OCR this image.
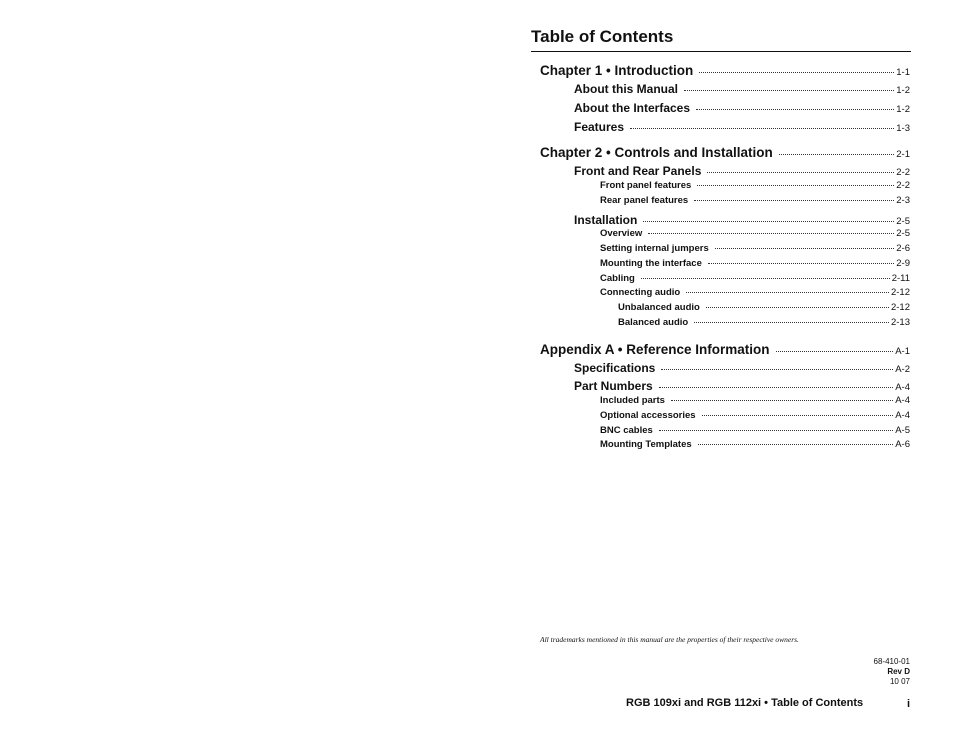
Table of Contents
Chapter 1 • Introduction	1-1
About this Manual	1-2
About the Interfaces	1-2
Features	1-3
Chapter 2 • Controls and Installation	2-1
Front and Rear Panels	2-2
Front panel features	2-2
Rear panel features	2-3
Installation	2-5
Overview	2-5
Setting internal jumpers	2-6
Mounting the interface	2-9
Cabling	2-11
Connecting audio	2-12
Unbalanced audio	2-12
Balanced audio	2-13
Appendix A • Reference Information	A-1
Specifications	A-2
Part Numbers	A-4
Included parts	A-4
Optional accessories	A-4
BNC cables	A-5
Mounting Templates	A-6
All trademarks mentioned in this manual are the properties of their respective owners.
68-410-01
Rev D
10 07
RGB 109xi and RGB 112xi • Table of Contents	i
